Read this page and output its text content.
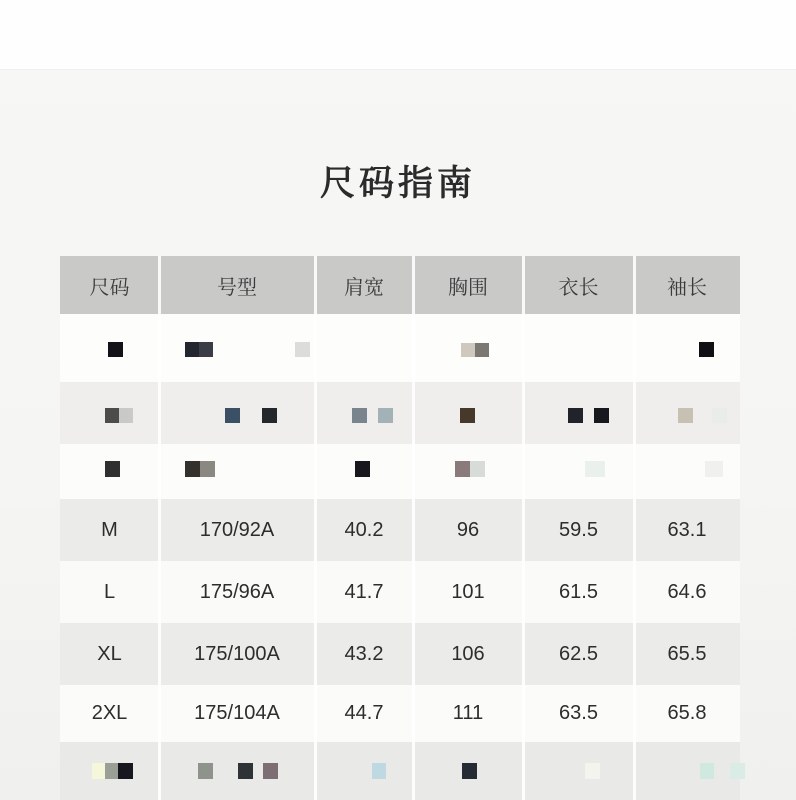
尺码指南
尺码	号型	肩宽	胸围	衣长	袖长
M	170/92A	40.2	96	59.5	63.1
L	175/96A	41.7	101	61.5	64.6
XL	175/100A	43.2	106	62.5	65.5
2XL	175/104A	44.7	111	63.5	65.8
